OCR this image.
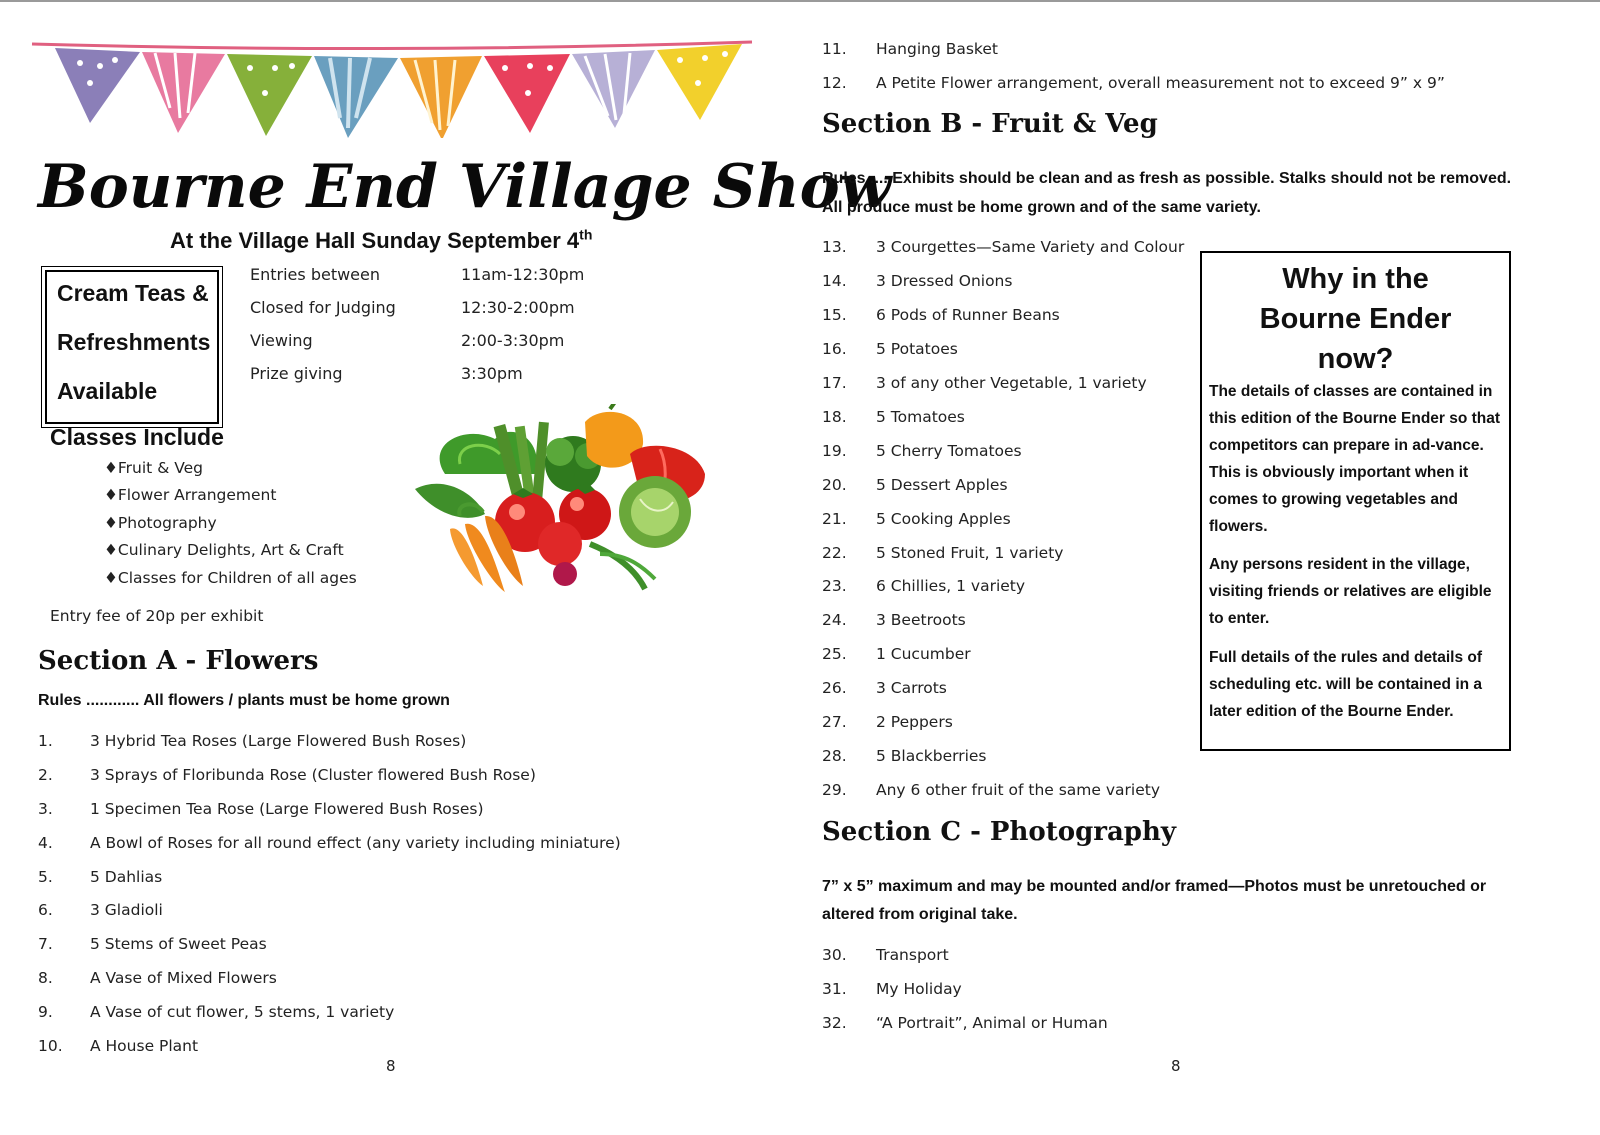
Bourne End Village Show
At the Village Hall Sunday September 4th
Cream Teas &
Refreshments
Available
Entries between	11am-12:30pm
Closed for Judging	12:30-2:00pm
Viewing	2:00-3:30pm
Prize giving	3:30pm
Classes Include
♦Fruit & Veg
♦Flower Arrangement
♦Photography
♦Culinary Delights, Art & Craft
♦Classes for Children of all ages
Entry fee of 20p per exhibit
Section A - Flowers
Rules ............ All flowers / plants must be home grown
1. 3 Hybrid Tea Roses (Large Flowered Bush Roses)
2. 3 Sprays of Floribunda Rose (Cluster flowered Bush Rose)
3. 1 Specimen Tea Rose (Large Flowered Bush Roses)
4. A Bowl of Roses for all round effect (any variety including miniature)
5. 5 Dahlias
6. 3 Gladioli
7. 5 Stems of Sweet Peas
8. A Vase of Mixed Flowers
9. A Vase of cut flower, 5 stems, 1 variety
10. A House Plant
8
11. Hanging Basket
12. A Petite Flower arrangement, overall measurement not to exceed 9” x 9”
Section B - Fruit & Veg
Rules .... Exhibits should be clean and as fresh as possible. Stalks should not be removed.
All produce must be home grown and of the same variety.
13. 3 Courgettes—Same Variety and Colour
14. 3 Dressed Onions
15. 6 Pods of Runner Beans
16. 5 Potatoes
17. 3 of any other Vegetable, 1 variety
18. 5 Tomatoes
19. 5 Cherry Tomatoes
20. 5 Dessert Apples
21. 5 Cooking Apples
22. 5 Stoned Fruit, 1 variety
23. 6 Chillies, 1 variety
24. 3 Beetroots
25. 1 Cucumber
26. 3 Carrots
27. 2 Peppers
28. 5 Blackberries
29. Any 6 other fruit of the same variety
Why in the
Bourne Ender
now?
The details of classes are contained in this edition of the Bourne Ender so that competitors can prepare in ad-vance. This is obviously important when it comes to growing vegetables and flowers.
Any persons resident in the village, visiting friends or relatives are eligible to enter.
Full details of the rules and details of scheduling etc. will be contained in a later edition of the Bourne Ender.
Section C - Photography
7” x 5” maximum and may be mounted and/or framed—Photos must be unretouched or
altered from original take.
30. Transport
31. My Holiday
32. “A Portrait”, Animal or Human
8
